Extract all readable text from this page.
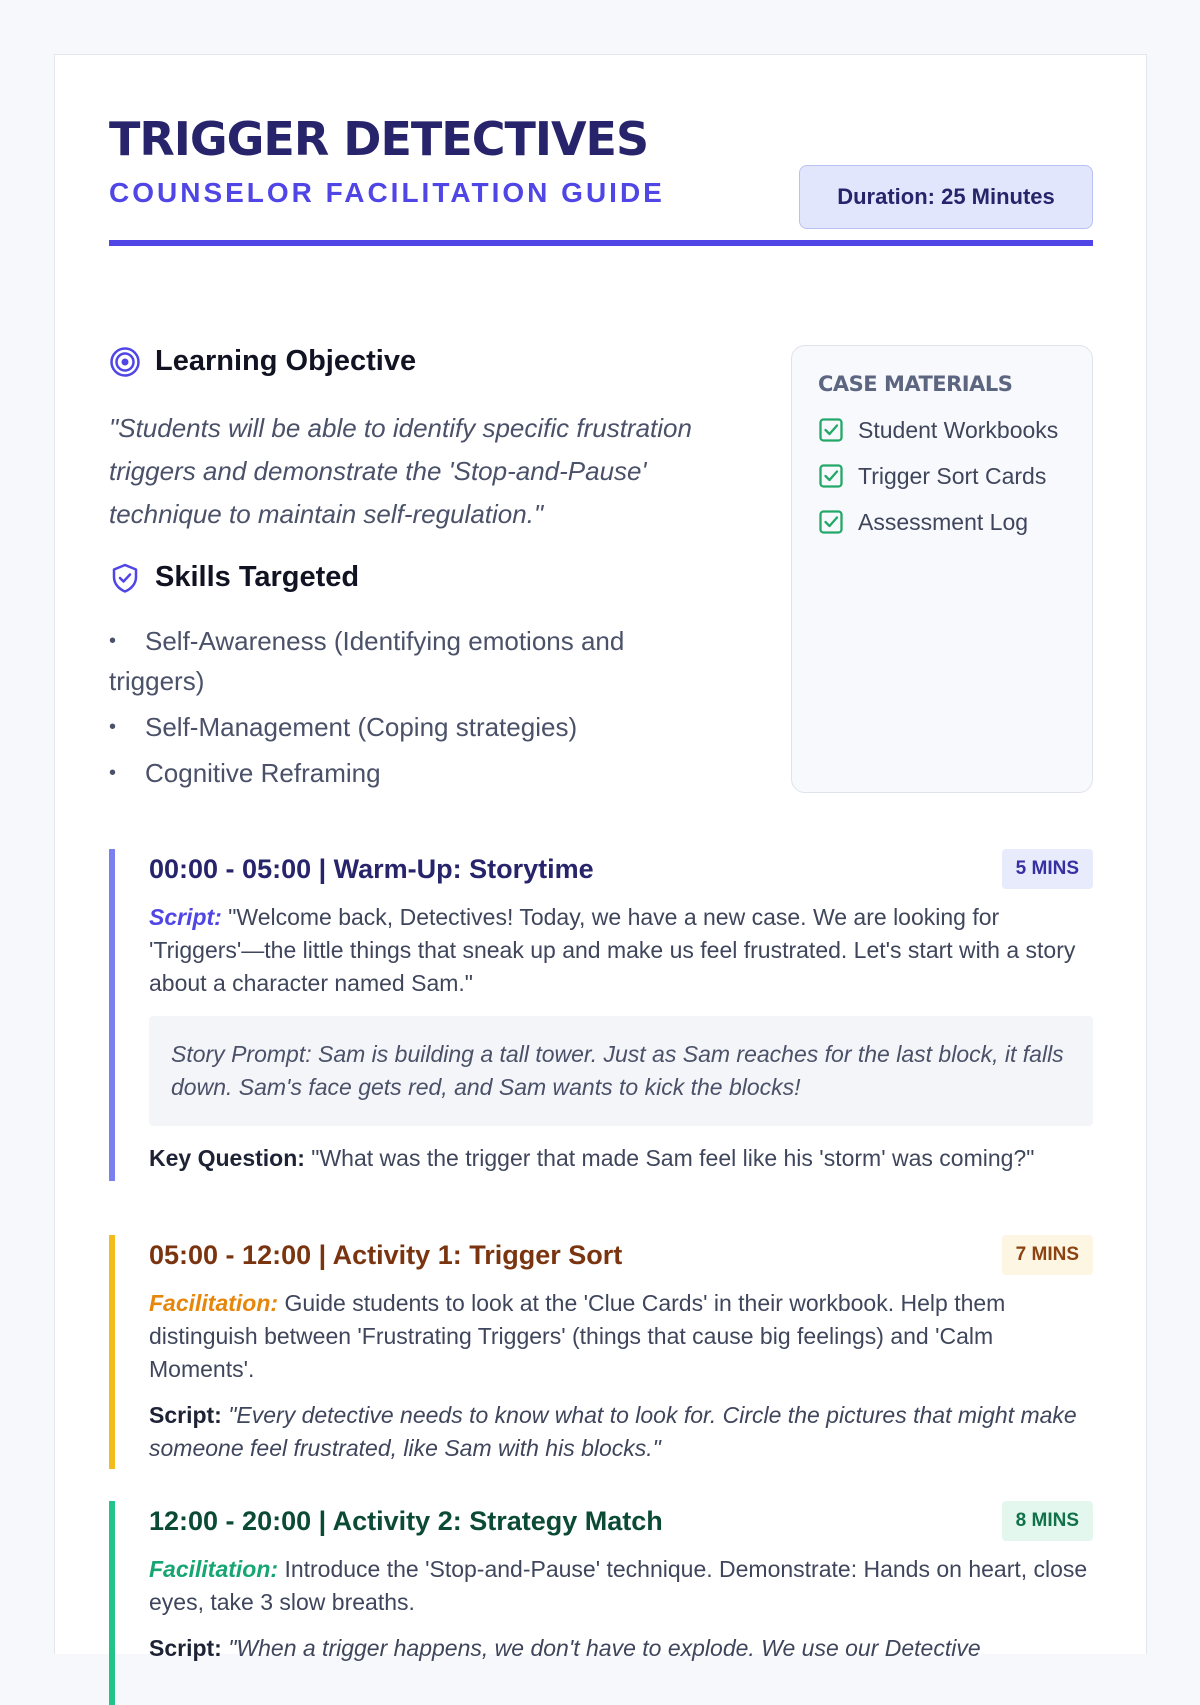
TRIGGER DETECTIVES
COUNSELOR FACILITATION GUIDE	Duration: 25 Minutes
Learning Objective
"Students will be able to identify specific frustration triggers and demonstrate the 'Stop-and-Pause' technique to maintain self-regulation."
Skills Targeted
• Self-Awareness (Identifying emotions and triggers)
• Self-Management (Coping strategies)
• Cognitive Reframing
CASE MATERIALS
Student Workbooks
Trigger Sort Cards
Assessment Log
00:00 - 05:00 | Warm-Up: Storytime	5 MINS

Script: "Welcome back, Detectives! Today, we have a new case. We are looking for 'Triggers'—the little things that sneak up and make us feel frustrated. Let's start with a story about a character named Sam."

Story Prompt: Sam is building a tall tower. Just as Sam reaches for the last block, it falls down. Sam's face gets red, and Sam wants to kick the blocks!

Key Question: "What was the trigger that made Sam feel like his 'storm' was coming?"

05:00 - 12:00 | Activity 1: Trigger Sort	7 MINS

Facilitation: Guide students to look at the 'Clue Cards' in their workbook. Help them distinguish between 'Frustrating Triggers' (things that cause big feelings) and 'Calm Moments'.

Script: "Every detective needs to know what to look for. Circle the pictures that might make someone feel frustrated, like Sam with his blocks."

12:00 - 20:00 | Activity 2: Strategy Match	8 MINS

Facilitation: Introduce the 'Stop-and-Pause' technique. Demonstrate: Hands on heart, close eyes, take 3 slow breaths.

Script: "When a trigger happens, we don't have to explode. We use our Detective
